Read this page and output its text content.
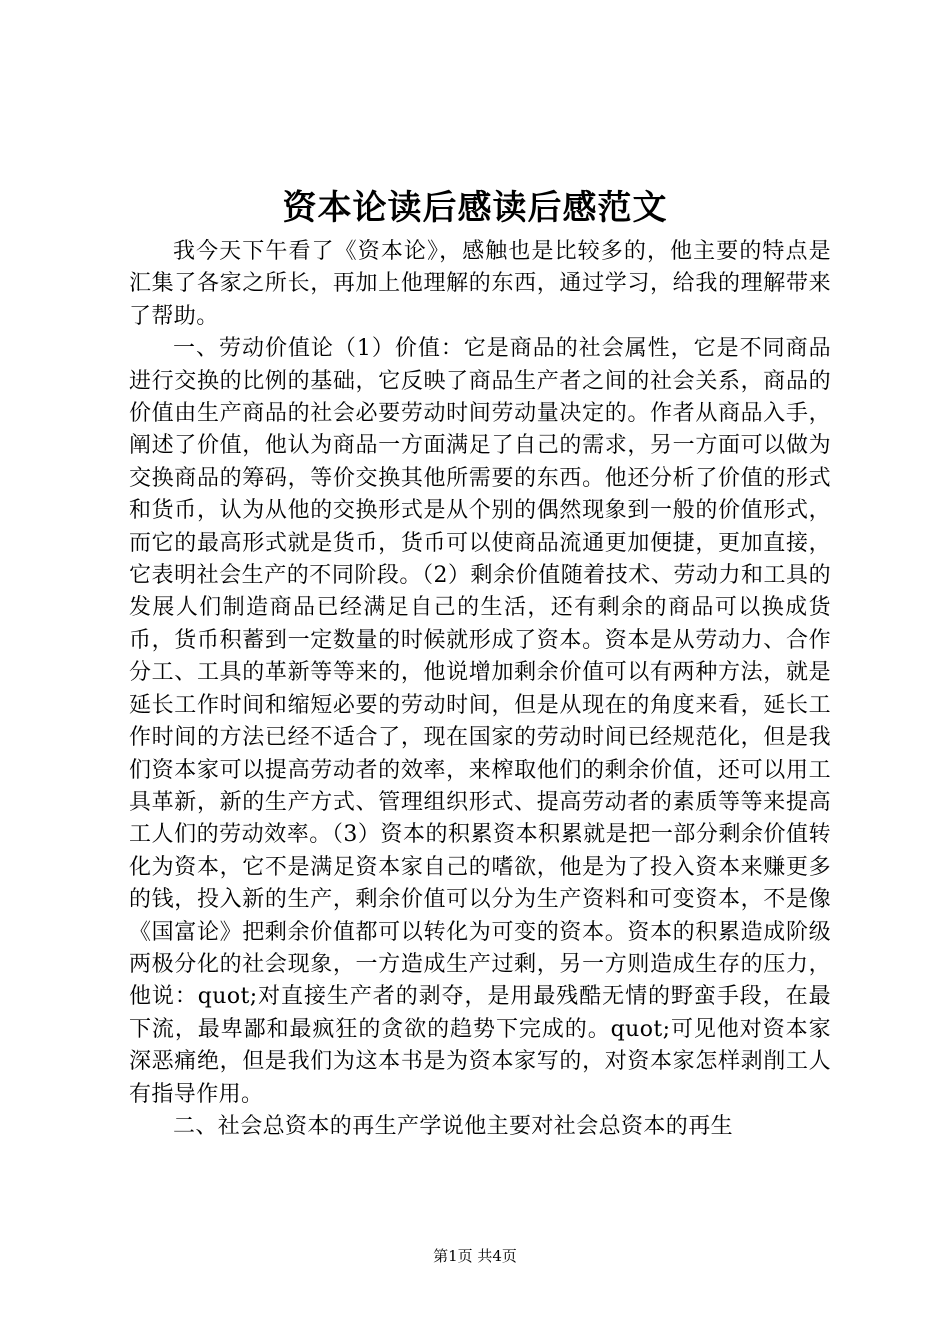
资本论读后感读后感范文

我今天下午看了《资本论》，感触也是比较多的，他主要的特点是汇集了各家之所长，再加上他理解的东西，通过学习，给我的理解带来了帮助。

一、劳动价值论（1）价值：它是商品的社会属性，它是不同商品进行交换的比例的基础，它反映了商品生产者之间的社会关系，商品的价值由生产商品的社会必要劳动时间劳动量决定的。作者从商品入手，阐述了价值，他认为商品一方面满足了自己的需求，另一方面可以做为交换商品的筹码，等价交换其他所需要的东西。他还分析了价值的形式和货币，认为从他的交换形式是从个别的偶然现象到一般的价值形式，而它的最高形式就是货币，货币可以使商品流通更加便捷，更加直接，它表明社会生产的不同阶段。（2）剩余价值随着技术、劳动力和工具的发展人们制造商品已经满足自己的生活，还有剩余的商品可以换成货币，货币积蓄到一定数量的时候就形成了资本。资本是从劳动力、合作分工、工具的革新等等来的，他说增加剩余价值可以有两种方法，就是延长工作时间和缩短必要的劳动时间，但是从现在的角度来看，延长工作时间的方法已经不适合了，现在国家的劳动时间已经规范化，但是我们资本家可以提高劳动者的效率，来榨取他们的剩余价值，还可以用工具革新，新的生产方式、管理组织形式、提高劳动者的素质等等来提高工人们的劳动效率。（3）资本的积累资本积累就是把一部分剩余价值转化为资本，它不是满足资本家自己的嗜欲，他是为了投入资本来赚更多的钱，投入新的生产，剩余价值可以分为生产资料和可变资本，不是像《国富论》把剩余价值都可以转化为可变的资本。资本的积累造成阶级两极分化的社会现象，一方造成生产过剩，另一方则造成生存的压力，他说：quot;对直接生产者的剥夺，是用最残酷无情的野蛮手段，在最下流，最卑鄙和最疯狂的贪欲的趋势下完成的。quot;可见他对资本家深恶痛绝，但是我们为这本书是为资本家写的，对资本家怎样剥削工人有指导作用。

二、社会总资本的再生产学说他主要对社会总资本的再生

第1页 共4页
